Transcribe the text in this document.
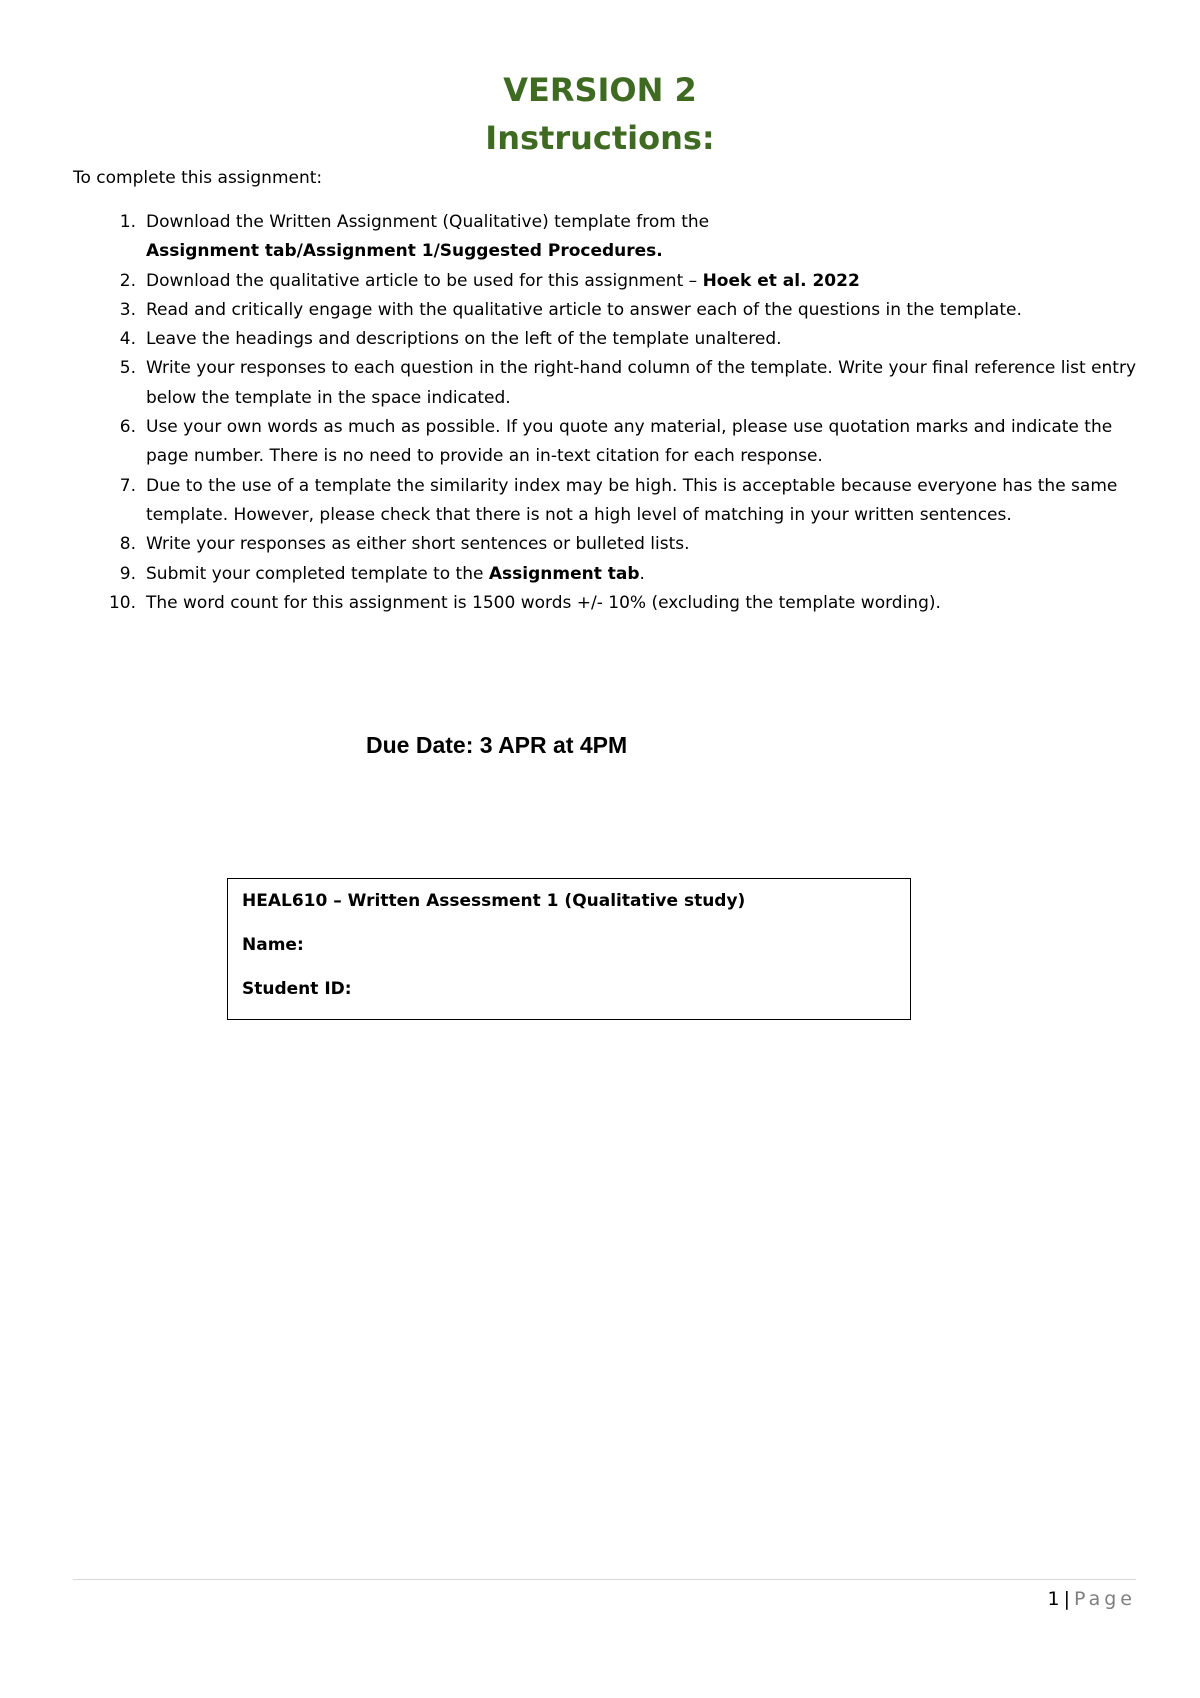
VERSION 2
Instructions:

To complete this assignment:

1. Download the Written Assignment (Qualitative) template from the
Assignment tab/Assignment 1/Suggested Procedures.
2. Download the qualitative article to be used for this assignment – Hoek et al. 2022
3. Read and critically engage with the qualitative article to answer each of the questions in the template.
4. Leave the headings and descriptions on the left of the template unaltered.
5. Write your responses to each question in the right-hand column of the template. Write your final reference list entry below the template in the space indicated.
6. Use your own words as much as possible. If you quote any material, please use quotation marks and indicate the page number. There is no need to provide an in-text citation for each response.
7. Due to the use of a template the similarity index may be high. This is acceptable because everyone has the same template. However, please check that there is not a high level of matching in your written sentences.
8. Write your responses as either short sentences or bulleted lists.
9. Submit your completed template to the Assignment tab.
10. The word count for this assignment is 1500 words +/- 10% (excluding the template wording).

Due Date: 3 APR at 4PM

HEAL610 – Written Assessment 1 (Qualitative study)

Name:

Student ID:

1 | Page
